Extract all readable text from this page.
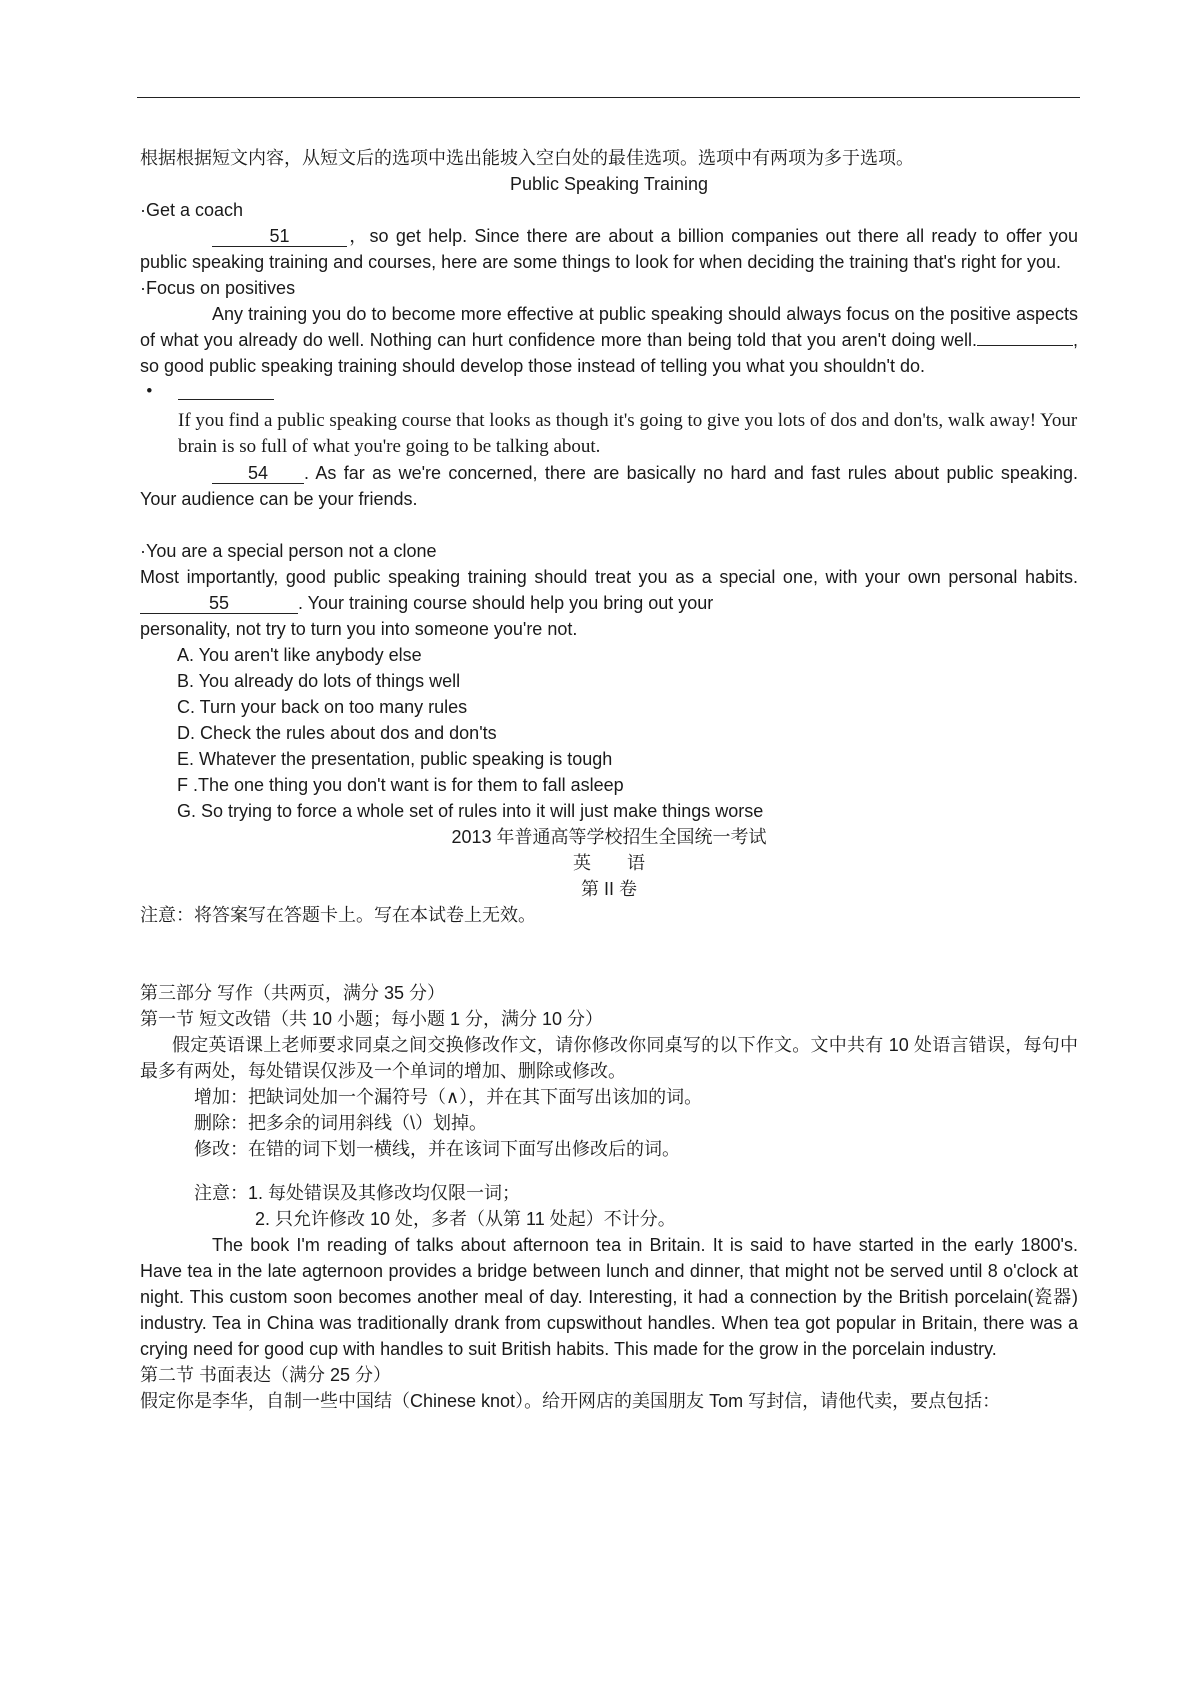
根据根据短文内容，从短文后的选项中选出能坡入空白处的最佳选项。选项中有两项为多于选项。

Public Speaking Training

·Get a coach

51	，so get help. Since there are about a billion companies out there all ready to offer you public speaking training and courses, here are some things to look for when deciding the training that's right for you.

·Focus on positives

Any training you do to become more effective at public speaking should always focus on the positive aspects of what you already do well. Nothing can hurt confidence more than being told that you aren't doing well.	, so good public speaking training should develop those instead of telling you what you shouldn't do.

•

If you find a public speaking course that looks as though it's going to give you lots of dos and don'ts, walk away! Your brain is so full of what you're going to be talking about.

54 . As far as we're concerned, there are basically no hard and fast rules about public speaking. Your audience can be your friends.

·You are a special person not a clone

Most importantly, good public speaking training should treat you as a special one, with your own personal habits.55	. Your training course should help you bring out your

personality, not try to turn you into someone you're not.

A. You aren't like anybody else

B. You already do lots of things well

C. Turn your back on too many rules

D. Check the rules about dos and don'ts

E. Whatever the presentation, public speaking is tough

F .The one thing you don't want is for them to fall asleep

G. So trying to force a whole set of rules into it will just make things worse

2013 年普通高等学校招生全国统一考试

英　　语

第 II 卷

注意：将答案写在答题卡上。写在本试卷上无效。

第三部分 写作（共两页，满分 35 分）

第一节 短文改错（共 10 小题；每小题 1 分，满分 10 分）

假定英语课上老师要求同桌之间交换修改作文，请你修改你同桌写的以下作文。文中共有 10 处语言错误，每句中最多有两处，每处错误仅涉及一个单词的增加、删除或修改。

增加：把缺词处加一个漏符号（∧），并在其下面写出该加的词。

删除：把多余的词用斜线（\）划掉。

修改：在错的词下划一横线，并在该词下面写出修改后的词。

注意：1. 每处错误及其修改均仅限一词；

2. 只允许修改 10 处，多者（从第 11 处起）不计分。

The book I'm reading of talks about afternoon tea in Britain. It is said to have started in the early 1800's. Have tea in the late agternoon provides a bridge between lunch and dinner, that might not be served until 8 o'clock at night. This custom soon becomes another meal of day. Interesting, it had a connection by the British porcelain(瓷器) industry. Tea in China was traditionally drank from cupswithout handles. When tea got popular in Britain, there was a crying need for good cup with handles to suit British habits. This made for the grow in the porcelain industry.

第二节 书面表达（满分 25 分）

假定你是李华，自制一些中国结（Chinese knot）。给开网店的美国朋友 Tom 写封信，请他代卖，要点包括：
